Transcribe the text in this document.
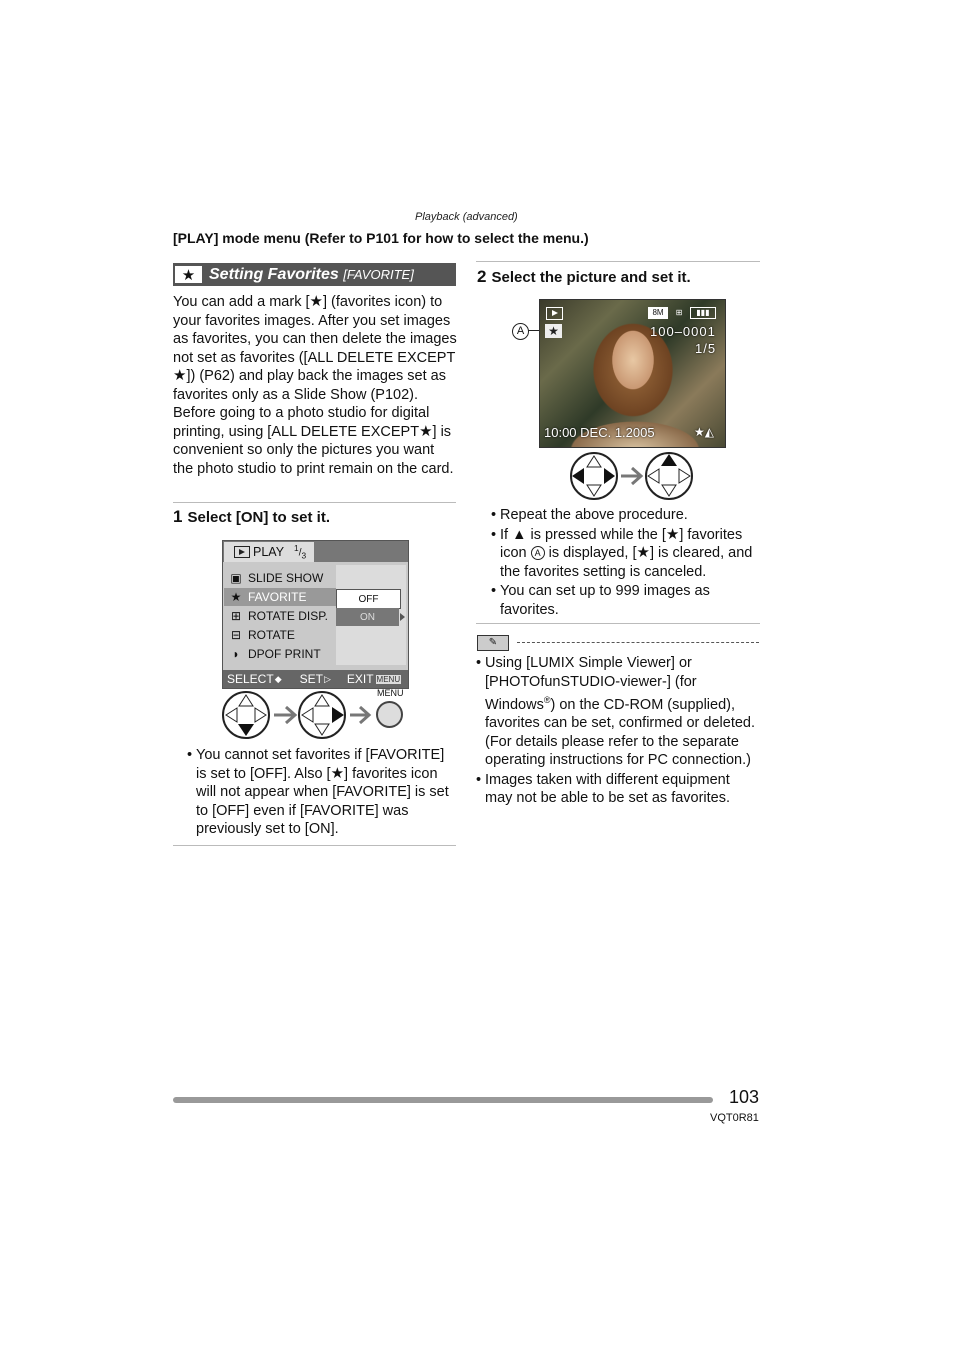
Playback (advanced)
[PLAY] mode menu (Refer to P101 for how to select the menu.)
★ Setting Favorites [FAVORITE]
You can add a mark [★] (favorites icon) to your favorites images. After you set images as favorites, you can then delete the images not set as favorites ([ALL DELETE EXCEPT★]) (P62) and play back the images set as favorites only as a Slide Show (P102). Before going to a photo studio for digital printing, using [ALL DELETE EXCEPT★] is convenient so only the pictures you want the photo studio to print remain on the card.
1 Select [ON] to set it.
PLAY $^1/_3$
▣ SLIDE SHOW
★ FAVORITE
⊞ ROTATE DISP.
⊟ ROTATE
◗ DPOF PRINT
OFF
ON
SELECT ◆ SET ▷ EXIT MENU
MENU
• You cannot set favorites if [FAVORITE] is set to [OFF]. Also [★] favorites icon will not appear when [FAVORITE] is set to [OFF] even if [FAVORITE] was previously set to [ON].
2 Select the picture and set it.
A	★
8M	⊞	▮▮▮
100–0001
1/5
10:00 DEC. 1.2005	★◭
• Repeat the above procedure.
• If ▲ is pressed while the [★] favorites icon A is displayed, [★] is cleared, and the favorites setting is canceled.
• You can set up to 999 images as favorites.
✎
• Using [LUMIX Simple Viewer] or [PHOTOfunSTUDIO-viewer-] (for Windows®) on the CD-ROM (supplied), favorites can be set, confirmed or deleted. (For details please refer to the separate operating instructions for PC connection.)
• Images taken with different equipment may not be able to be set as favorites.
103
VQT0R81
